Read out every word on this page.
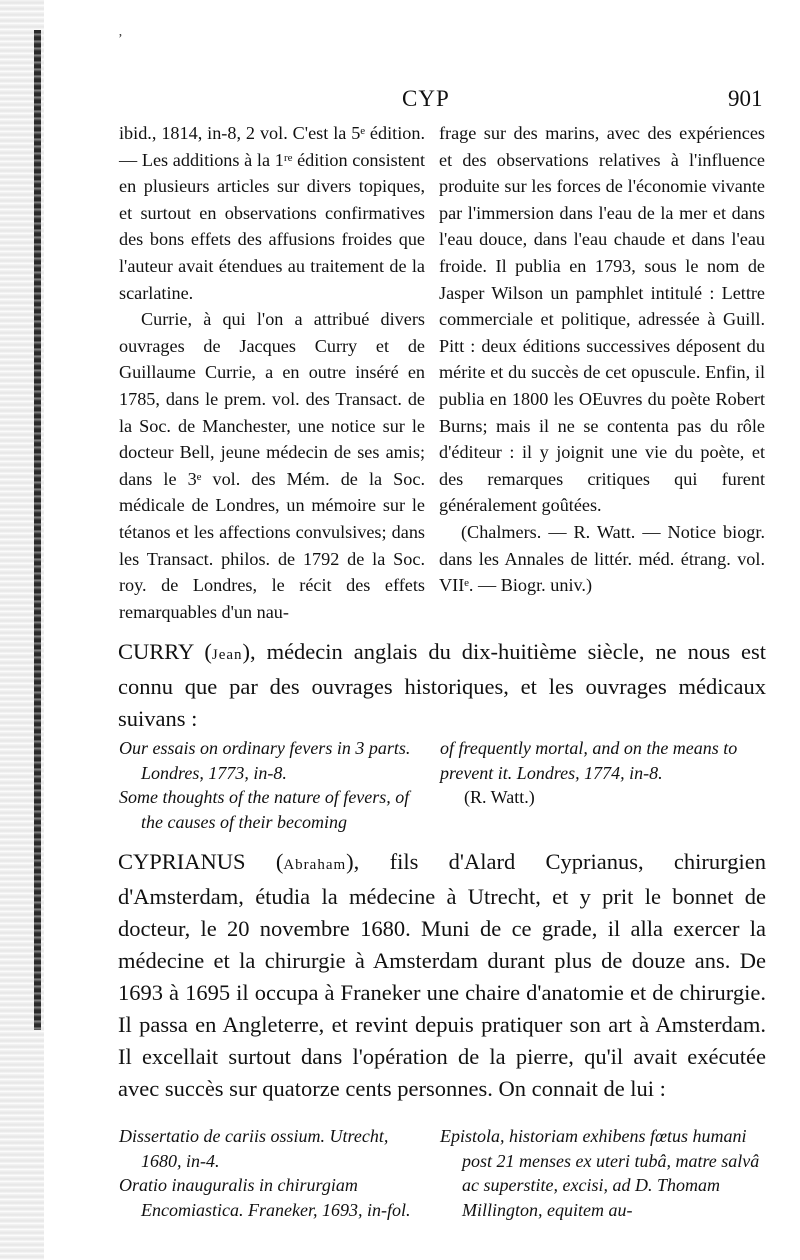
ʼ
CYP	901

ibid., 1814, in-8, 2 vol. C'est la 5ᵉ édition. — Les additions à la 1ʳᵉ édition consistent en plusieurs articles sur divers topiques, et surtout en observations confirmatives des bons effets des affusions froides que l'auteur avait étendues au traitement de la scarlatine.

Currie, à qui l'on a attribué divers ouvrages de Jacques Curry et de Guillaume Currie, a en outre inséré en 1785, dans le prem. vol. des Transact. de la Soc. de Manchester, une notice sur le docteur Bell, jeune médecin de ses amis; dans le 3ᵉ vol. des Mém. de la Soc. médicale de Londres, un mémoire sur le tétanos et les affections convulsives; dans les Transact. philos. de 1792 de la Soc. roy. de Londres, le récit des effets remarquables d'un nau-

frage sur des marins, avec des expériences et des observations relatives à l'influence produite sur les forces de l'économie vivante par l'immersion dans l'eau de la mer et dans l'eau douce, dans l'eau chaude et dans l'eau froide. Il publia en 1793, sous le nom de Jasper Wilson un pamphlet intitulé : Lettre commerciale et politique, adressée à Guill. Pitt : deux éditions successives déposent du mérite et du succès de cet opuscule. Enfin, il publia en 1800 les OEuvres du poète Robert Burns; mais il ne se contenta pas du rôle d'éditeur : il y joignit une vie du poète, et des remarques critiques qui furent généralement goûtées.

(Chalmers. — R. Watt. — Notice biogr. dans les Annales de littér. méd. étrang. vol. VIIᵉ. — Biogr. univ.)

CURRY (Jean), médecin anglais du dix-huitième siècle, ne nous est connu que par des ouvrages historiques, et les ouvrages médicaux suivans :

Our essais on ordinary fevers in 3 parts. Londres, 1773, in-8.

Some thoughts of the nature of fevers, of the causes of their becoming

of frequently mortal, and on the means to prevent it. Londres, 1774, in-8.

(R. Watt.)

CYPRIANUS (Abraham), fils d'Alard Cyprianus, chirurgien d'Amsterdam, étudia la médecine à Utrecht, et y prit le bonnet de docteur, le 20 novembre 1680. Muni de ce grade, il alla exercer la médecine et la chirurgie à Amsterdam durant plus de douze ans. De 1693 à 1695 il occupa à Franeker une chaire d'anatomie et de chirurgie. Il passa en Angleterre, et revint depuis pratiquer son art à Amsterdam. Il excellait surtout dans l'opération de la pierre, qu'il avait exécutée avec succès sur quatorze cents personnes. On connait de lui :

Dissertatio de cariis ossium. Utrecht, 1680, in-4.

Oratio inauguralis in chirurgiam Encomiastica. Franeker, 1693, in-fol.

Epistola, historiam exhibens fœtus humani post 21 menses ex uteri tubâ, matre salvâ ac superstite, excisi, ad D. Thomam Millington, equitem au-
